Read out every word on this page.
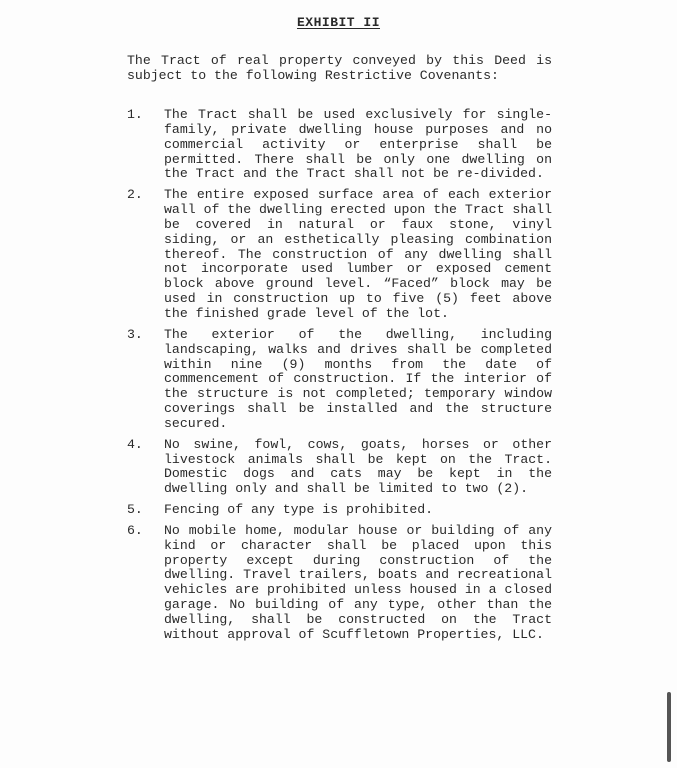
EXHIBIT II
The Tract of real property conveyed by this Deed is subject to the following Restrictive Covenants:
1.	The Tract shall be used exclusively for single-family, private dwelling house purposes and no commercial activity or enterprise shall be permitted. There shall be only one dwelling on the Tract and the Tract shall not be re-divided.
2.	The entire exposed surface area of each exterior wall of the dwelling erected upon the Tract shall be covered in natural or faux stone, vinyl siding, or an esthetically pleasing combination thereof. The construction of any dwelling shall not incorporate used lumber or exposed cement block above ground level. “Faced” block may be used in construction up to five (5) feet above the finished grade level of the lot.
3.	The exterior of the dwelling, including landscaping, walks and drives shall be completed within nine (9) months from the date of commencement of construction. If the interior of the structure is not completed; temporary window coverings shall be installed and the structure secured.
4.	No swine, fowl, cows, goats, horses or other livestock animals shall be kept on the Tract. Domestic dogs and cats may be kept in the dwelling only and shall be limited to two (2).
5.	Fencing of any type is prohibited.
6.	No mobile home, modular house or building of any kind or character shall be placed upon this property except during construction of the dwelling. Travel trailers, boats and recreational vehicles are prohibited unless housed in a closed garage. No building of any type, other than the dwelling, shall be constructed on the Tract without approval of Scuffletown Properties, LLC.
